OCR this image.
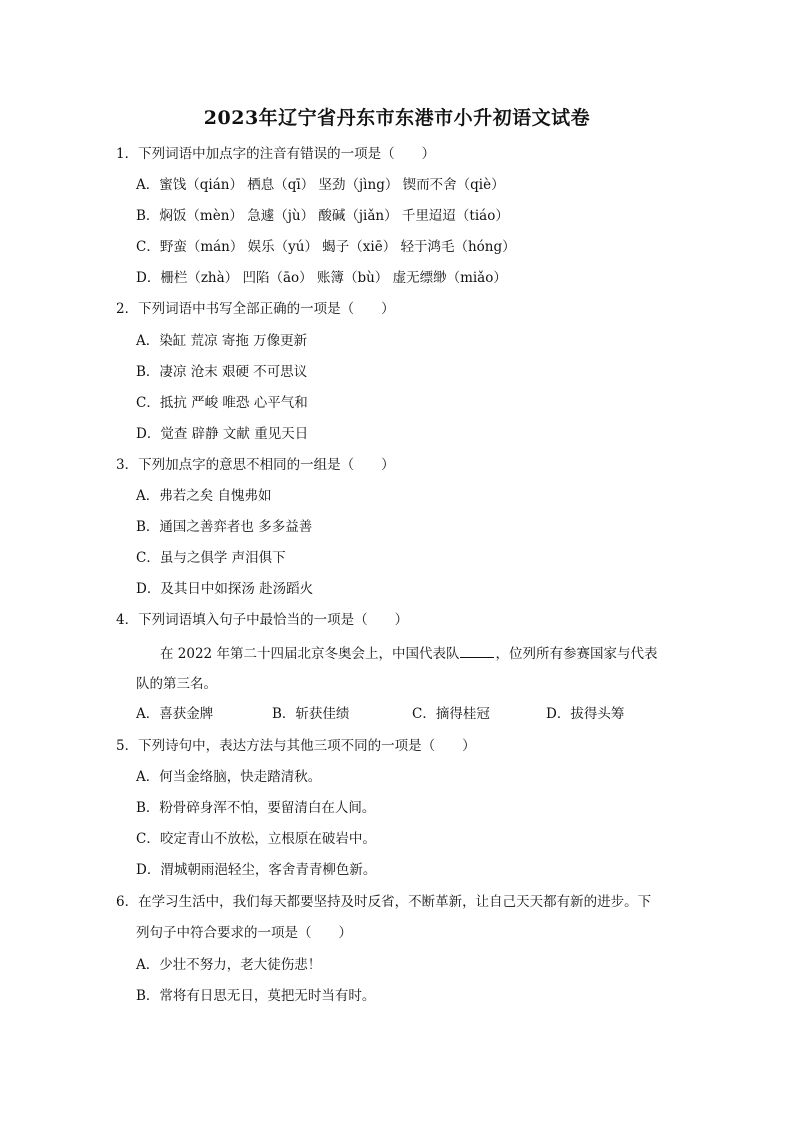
2023年辽宁省丹东市东港市小升初语文试卷
1．下列词语中加点字的注音有错误的一项是（　　）
A．蜜饯（qián） 栖息（qī） 坚劲（jìng） 锲而不舍（qiè）
B．焖饭（mèn） 急遽（jù） 酸碱（jiǎn） 千里迢迢（tiáo）
C．野蛮（mán） 娱乐（yú） 蝎子（xiē） 轻于鸿毛（hóng）
D．栅栏（zhà） 凹陷（āo） 账簿（bù） 虚无缥缈（miǎo）
2．下列词语中书写全部正确的一项是（　　）
A．染缸 荒凉 寄拖 万像更新
B．凄凉 沧末 艰硬 不可思议
C．抵抗 严峻 唯恐 心平气和
D．觉查 辟静 文献 重见天日
3．下列加点字的意思不相同的一组是（　　）
A．弗若之矣 自愧弗如
B．通国之善弈者也 多多益善
C．虽与之俱学 声泪俱下
D．及其日中如探汤 赴汤蹈火
4．下列词语填入句子中最恰当的一项是（　　）
在 2022 年第二十四届北京冬奥会上，中国代表队	，位列所有参赛国家与代表
队的第三名。
A．喜获金牌	B．斩获佳绩	C．摘得桂冠	D．拔得头筹
5．下列诗句中，表达方法与其他三项不同的一项是（　　）
A．何当金络脑，快走踏清秋。
B．粉骨碎身浑不怕，要留清白在人间。
C．咬定青山不放松，立根原在破岩中。
D．渭城朝雨浥轻尘，客舍青青柳色新。
6．在学习生活中，我们每天都要坚持及时反省，不断革新，让自己天天都有新的进步。下
列句子中符合要求的一项是（　　）
A．少壮不努力，老大徒伤悲！
B．常将有日思无日，莫把无时当有时。
